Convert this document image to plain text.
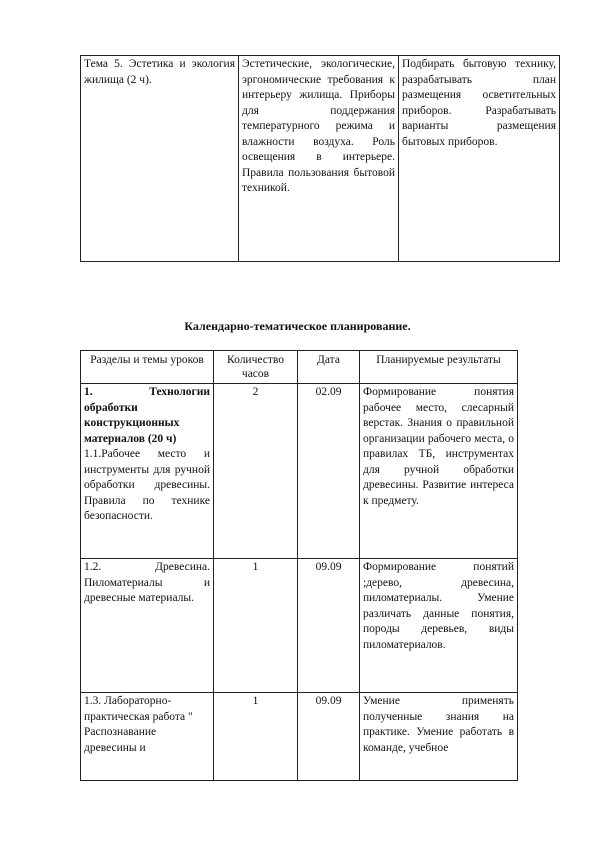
Тема 5. Эстетика и экология жилища (2 ч).	Эстетические, экологические, эргономические требования к интерьеру жилища. Приборы для поддержания температурного режима и влажности воздуха. Роль освещения в интерьере. Правила пользования бытовой техникой.	Подбирать бытовую технику, разрабатывать план размещения осветительных приборов. Разрабатывать варианты размещения бытовых приборов.
Календарно-тематическое планирование.
Разделы и темы уроков	Количество часов	Дата	Планируемые результаты

1. Технологии обработки конструкционных материалов (20 ч)
1.1.Рабочее место и инструменты для ручной обработки древесины. Правила по технике безопасности.	2	02.09	Формирование понятия рабочее место, слесарный верстак. Знания о правильной организации рабочего места, о правилах ТБ, инструментах для ручной обработки древесины. Развитие интереса к предмету.

1.2. Древесина. Пиломатериалы и древесные материалы.	1	09.09	Формирование понятий ;дерево, древесина, пиломатериалы. Умение различать данные понятия, породы деревьев, виды пиломатериалов.

1.3. Лабораторно-практическая работа " Распознавание древесины и	1	09.09	Умение применять полученные знания на практике. Умение работать в команде, учебное
